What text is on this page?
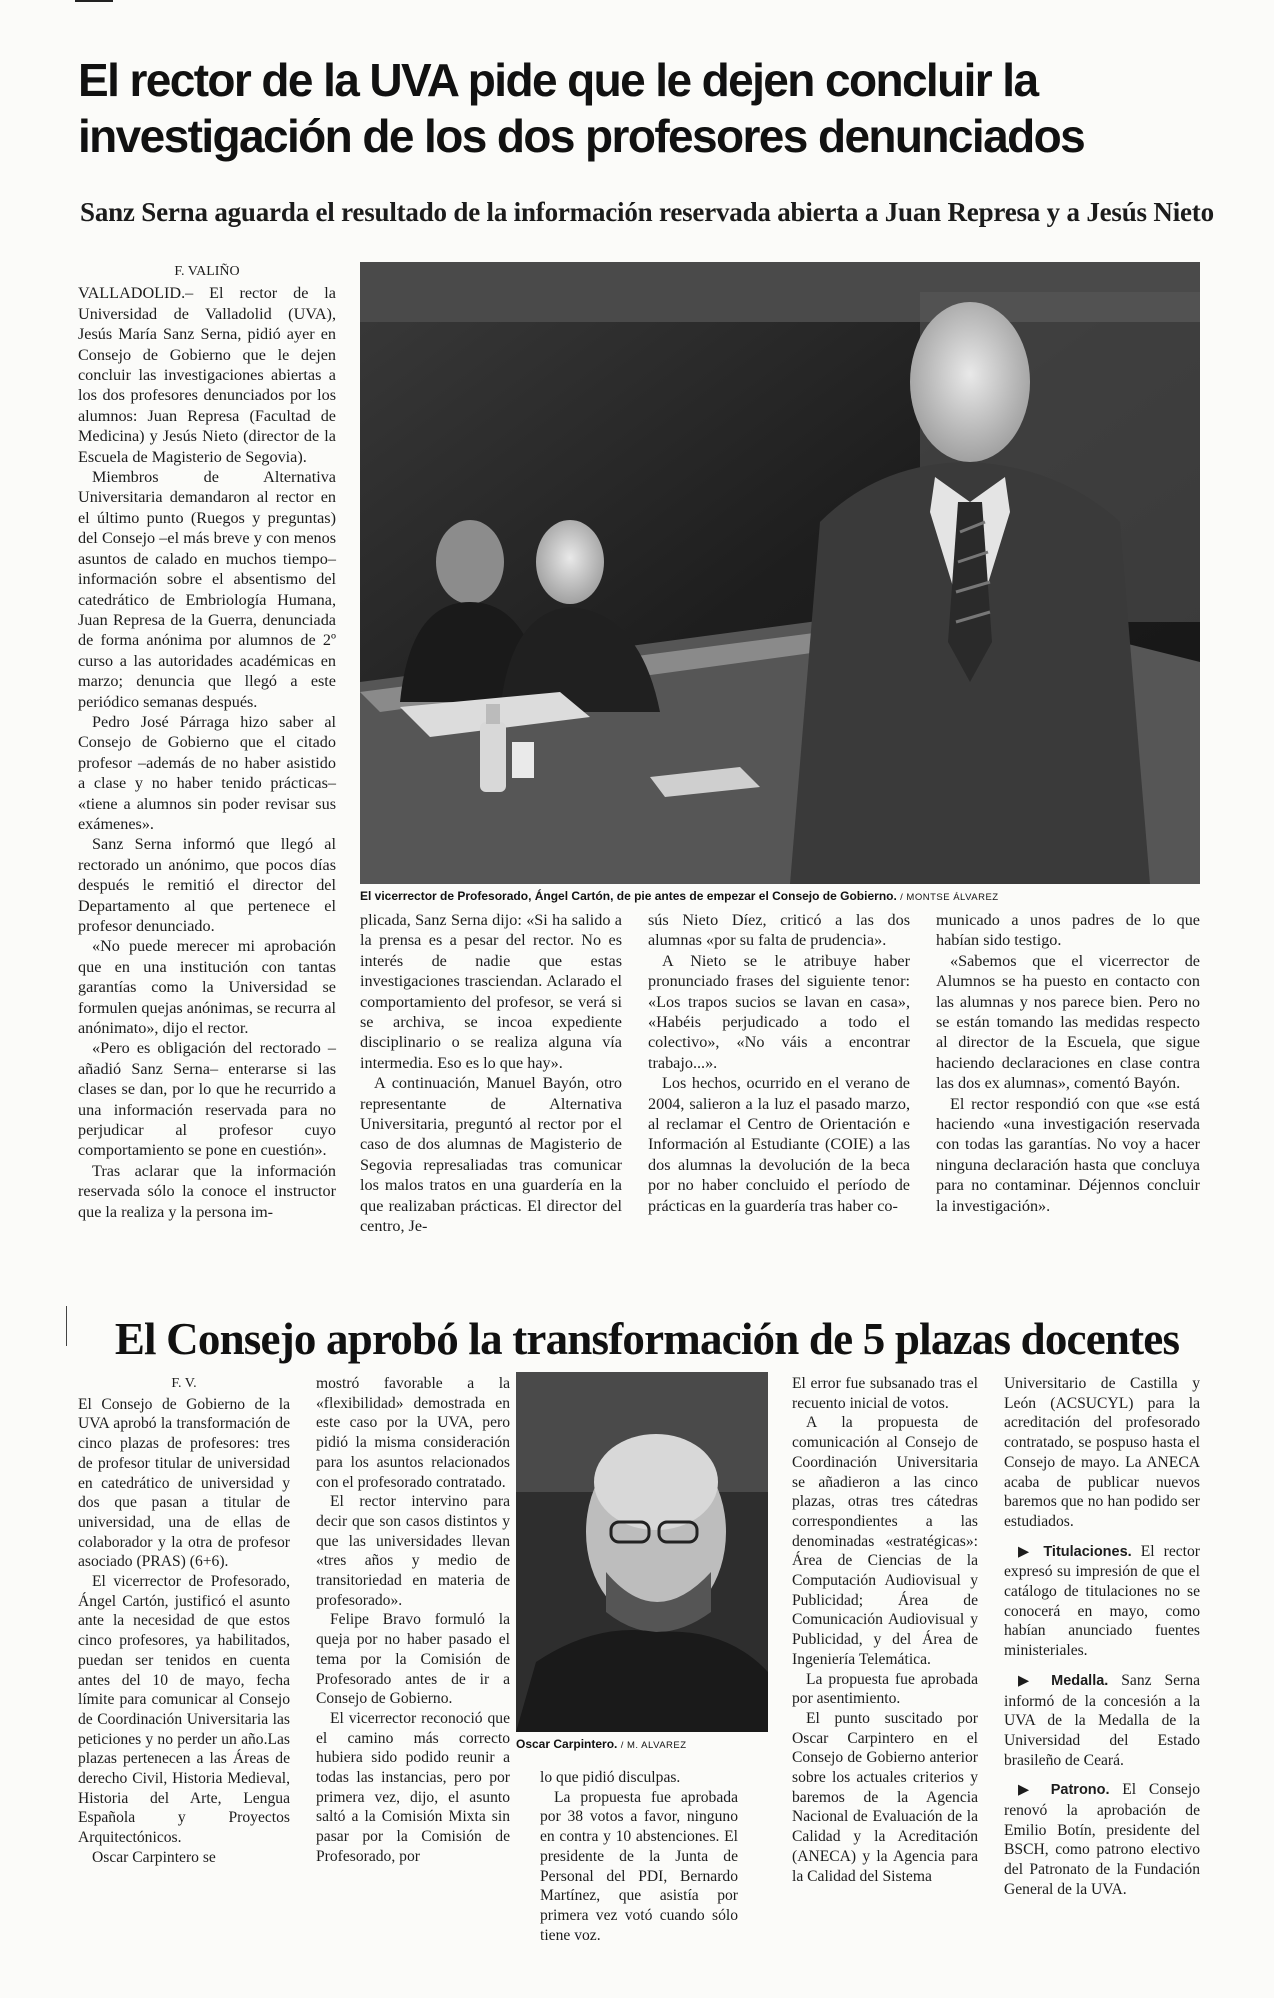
El rector de la UVA pide que le dejen concluir la investigación de los dos profesores denunciados
Sanz Serna aguarda el resultado de la información reservada abierta a Juan Represa y a Jesús Nieto
F. VALIÑO

VALLADOLID.– El rector de la Universidad de Valladolid (UVA), Jesús María Sanz Serna, pidió ayer en Consejo de Gobierno que le dejen concluir las investigaciones abiertas a los dos profesores denunciados por los alumnos: Juan Represa (Facultad de Medicina) y Jesús Nieto (director de la Escuela de Magisterio de Segovia).

Miembros de Alternativa Universitaria demandaron al rector en el último punto (Ruegos y preguntas) del Consejo –el más breve y con menos asuntos de calado en muchos tiempo– información sobre el absentismo del catedrático de Embriología Humana, Juan Represa de la Guerra, denunciada de forma anónima por alumnos de 2º curso a las autoridades académicas en marzo; denuncia que llegó a este periódico semanas después.

Pedro José Párraga hizo saber al Consejo de Gobierno que el citado profesor –además de no haber asistido a clase y no haber tenido prácticas– «tiene a alumnos sin poder revisar sus exámenes».

Sanz Serna informó que llegó al rectorado un anónimo, que pocos días después le remitió el director del Departamento al que pertenece el profesor denunciado.

«No puede merecer mi aprobación que en una institución con tantas garantías como la Universidad se formulen quejas anónimas, se recurra al anónimato», dijo el rector.

«Pero es obligación del rectorado –añadió Sanz Serna– enterarse si las clases se dan, por lo que he recurrido a una información reservada para no perjudicar al profesor cuyo comportamiento se pone en cuestión».

Tras aclarar que la información reservada sólo la conoce el instructor que la realiza y la persona im-

El vicerrector de Profesorado, Ángel Cartón, de pie antes de empezar el Consejo de Gobierno. / MONTSE ÁLVAREZ

plicada, Sanz Serna dijo: «Si ha salido a la prensa es a pesar del rector. No es interés de nadie que estas investigaciones trasciendan. Aclarado el comportamiento del profesor, se verá si se archiva, se incoa expediente disciplinario o se realiza alguna vía intermedia. Eso es lo que hay».

A continuación, Manuel Bayón, otro representante de Alternativa Universitaria, preguntó al rector por el caso de dos alumnas de Magisterio de Segovia represaliadas tras comunicar los malos tratos en una guardería en la que realizaban prácticas. El director del centro, Je-

sús Nieto Díez, criticó a las dos alumnas «por su falta de prudencia».

A Nieto se le atribuye haber pronunciado frases del siguiente tenor: «Los trapos sucios se lavan en casa», «Habéis perjudicado a todo el colectivo», «No váis a encontrar trabajo...».

Los hechos, ocurrido en el verano de 2004, salieron a la luz el pasado marzo, al reclamar el Centro de Orientación e Información al Estudiante (COIE) a las dos alumnas la devolución de la beca por no haber concluido el período de prácticas en la guardería tras haber co-

municado a unos padres de lo que habían sido testigo.

«Sabemos que el vicerrector de Alumnos se ha puesto en contacto con las alumnas y nos parece bien. Pero no se están tomando las medidas respecto al director de la Escuela, que sigue haciendo declaraciones en clase contra las dos ex alumnas», comentó Bayón.

El rector respondió con que «se está haciendo «una investigación reservada con todas las garantías. No voy a hacer ninguna declaración hasta que concluya para no contaminar. Déjennos concluir la investigación».

El Consejo aprobó la transformación de 5 plazas docentes
F. V.

El Consejo de Gobierno de la UVA aprobó la transformación de cinco plazas de profesores: tres de profesor titular de universidad en catedrático de universidad y dos que pasan a titular de universidad, una de ellas de colaborador y la otra de profesor asociado (PRAS) (6+6).

El vicerrector de Profesorado, Ángel Cartón, justificó el asunto ante la necesidad de que estos cinco profesores, ya habilitados, puedan ser tenidos en cuenta antes del 10 de mayo, fecha límite para comunicar al Consejo de Coordinación Universitaria las peticiones y no perder un año.Las plazas pertenecen a las Áreas de derecho Civil, Historia Medieval, Historia del Arte, Lengua Española y Proyectos Arquitectónicos.

Oscar Carpintero se

mostró favorable a la «flexibilidad» demostrada en este caso por la UVA, pero pidió la misma consideración para los asuntos relacionados con el profesorado contratado.

El rector intervino para decir que son casos distintos y que las universidades llevan «tres años y medio de transitoriedad en materia de profesorado».

Felipe Bravo formuló la queja por no haber pasado el tema por la Comisión de Profesorado antes de ir a Consejo de Gobierno.

El vicerrector reconoció que el camino más correcto hubiera sido podido reunir a todas las instancias, pero por primera vez, dijo, el asunto saltó a la Comisión Mixta sin pasar por la Comisión de Profesorado, por

Oscar Carpintero. / M. ALVAREZ

lo que pidió disculpas.

La propuesta fue aprobada por 38 votos a favor, ninguno en contra y 10 abstenciones. El presidente de la Junta de Personal del PDI, Bernardo Martínez, que asistía por primera vez votó cuando sólo tiene voz.

El error fue subsanado tras el recuento inicial de votos.

A la propuesta de comunicación al Consejo de Coordinación Universitaria se añadieron a las cinco plazas, otras tres cátedras correspondientes a las denominadas «estratégicas»: Área de Ciencias de la Computación Audiovisual y Publicidad; Área de Comunicación Audiovisual y Publicidad, y del Área de Ingeniería Telemática.

La propuesta fue aprobada por asentimiento.

El punto suscitado por Oscar Carpintero en el Consejo de Gobierno anterior sobre los actuales criterios y baremos de la Agencia Nacional de Evaluación de la Calidad y la Acreditación (ANECA) y la Agencia para la Calidad del Sistema

Universitario de Castilla y León (ACSUCYL) para la acreditación del profesorado contratado, se pospuso hasta el Consejo de mayo. La ANECA acaba de publicar nuevos baremos que no han podido ser estudiados.

▶ Titulaciones. El rector expresó su impresión de que el catálogo de titulaciones no se conocerá en mayo, como habían anunciado fuentes ministeriales.

▶ Medalla. Sanz Serna informó de la concesión a la UVA de la Medalla de la Universidad del Estado brasileño de Ceará.

▶ Patrono. El Consejo renovó la aprobación de Emilio Botín, presidente del BSCH, como patrono electivo del Patronato de la Fundación General de la UVA.
